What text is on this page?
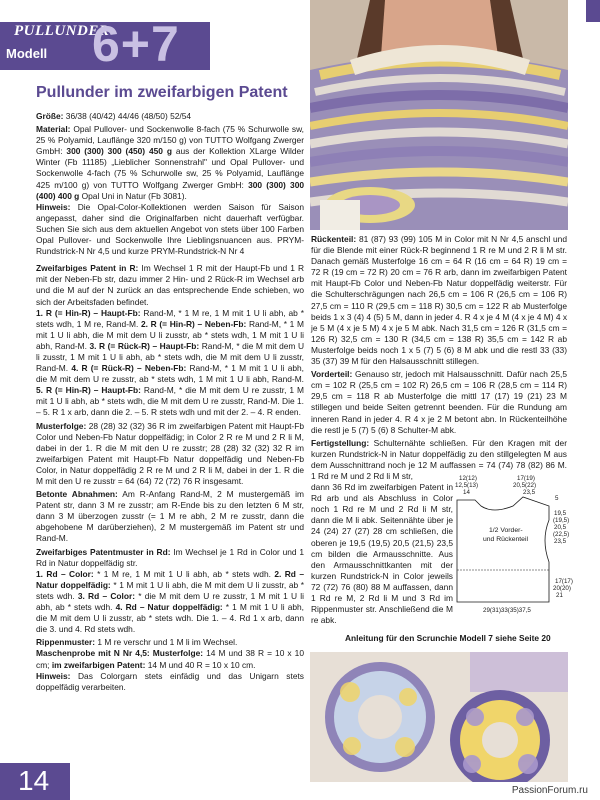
PULLUNDER
Modell 6+7
Pullunder im zweifarbigen Patent

Größe: 36/38 (40/42) 44/46 (48/50) 52/54

Material: Opal Pullover- und Sockenwolle 8-fach (75 % Schurwolle sw, 25 % Polyamid, Lauflänge 320 m/150 g) von TUTTO Wolfgang Zwerger GmbH: 300 (300) 300 (450) 450 g aus der Kollektion XLarge Wilder Winter (Fb 11185) „Lieblicher Sonnenstrahl" und Opal Pullover- und Sockenwolle 4-fach (75 % Schurwolle sw, 25 % Polyamid, Lauflänge 425 m/100 g) von TUTTO Wolfgang Zwerger GmbH: 300 (300) 300 (400) 400 g Opal Uni in Natur (Fb 3081).
Hinweis: Die Opal-Color-Kollektionen werden Saison für Saison angepasst, daher sind die Originalfarben nicht dauerhaft verfügbar. Suchen Sie sich aus dem aktuellen Angebot von stets über 100 Farben Opal Pullover- und Sockenwolle Ihre Lieblingsnuancen aus. PRYM-Rundstrick-N Nr 4,5 und kurze PRYM-Rundstrick-N Nr 4

Zweifarbiges Patent in R: Im Wechsel 1 R mit der Haupt-Fb und 1 R mit der Neben-Fb str, dazu immer 2 Hin- und 2 Rück-R im Wechsel arb und die M auf der N zurück an das entsprechende Ende schieben, wo sich der Arbeitsfaden befindet.
1. R (= Hin-R) – Haupt-Fb: Rand-M, * 1 M re, 1 M mit 1 U li abh, ab * stets wdh, 1 M re, Rand-M. 2. R (= Hin-R) – Neben-Fb: Rand-M, * 1 M mit 1 U li abh, die M mit dem U li zusstr, ab * stets wdh, 1 M mit 1 U li abh, Rand-M. 3. R (= Rück-R) – Haupt-Fb: Rand-M, * die M mit dem U li zusstr, 1 M mit 1 U li abh, ab * stets wdh, die M mit dem U li zusstr, Rand-M. 4. R (= Rück-R) – Neben-Fb: Rand-M, * 1 M mit 1 U li abh, die M mit dem U re zusstr, ab * stets wdh, 1 M mit 1 U li abh, Rand-M. 5. R (= Hin-R) – Haupt-Fb: Rand-M, * die M mit dem U re zusstr, 1 M mit 1 U li abh, ab * stets wdh, die M mit dem U re zusstr, Rand-M. Die 1. – 5. R 1 x arb, dann die 2. – 5. R stets wdh und mit der 2. – 4. R enden.

Musterfolge: 28 (28) 32 (32) 36 R im zweifarbigen Patent mit Haupt-Fb Color und Neben-Fb Natur doppelfädig; in Color 2 R re M und 2 R li M, dabei in der 1. R die M mit den U re zusstr; 28 (28) 32 (32) 32 R im zweifarbigen Patent mit Haupt-Fb Natur doppelfädig und Neben-Fb Color, in Natur doppelfädig 2 R re M und 2 R li M, dabei in der 1. R die M mit den U re zusstr = 64 (64) 72 (72) 76 R insgesamt.

Betonte Abnahmen: Am R-Anfang Rand-M, 2 M mustergemäß im Patent str, dann 3 M re zusstr; am R-Ende bis zu den letzten 6 M str, dann 3 M überzogen zusstr (= 1 M re abh, 2 M re zusstr, dann die abgehobene M darüberziehen), 2 M mustergemäß im Patent str und Rand-M.

Zweifarbiges Patentmuster in Rd: Im Wechsel je 1 Rd in Color und 1 Rd in Natur doppelfädig str.
1. Rd – Color: * 1 M re, 1 M mit 1 U li abh, ab * stets wdh. 2. Rd – Natur doppelfädig: * 1 M mit 1 U li abh, die M mit dem U li zusstr, ab * stets wdh. 3. Rd – Color: * die M mit dem U re zusstr, 1 M mit 1 U li abh, ab * stets wdh. 4. Rd – Natur doppelfädig: * 1 M mit 1 U li abh, die M mit dem U li zusstr, ab * stets wdh. Die 1. – 4. Rd 1 x arb, dann die 3. und 4. Rd stets wdh.

Rippenmuster: 1 M re verschr und 1 M li im Wechsel.
Maschenprobe mit N Nr 4,5: Musterfolge: 14 M und 38 R = 10 x 10 cm; im zweifarbigen Patent: 14 M und 40 R = 10 x 10 cm.
Hinweis: Das Colorgarn stets einfädig und das Unigarn stets doppelfädig verarbeiten.

Rückenteil: 81 (87) 93 (99) 105 M in Color mit N Nr 4,5 anschl und für die Blende mit einer Rück-R beginnend 1 R re M und 2 R li M str. Danach gemäß Musterfolge 16 cm = 64 R (16 cm = 64 R) 19 cm = 72 R (19 cm = 72 R) 20 cm = 76 R arb, dann im zweifarbigen Patent mit Haupt-Fb Color und Neben-Fb Natur doppelfädig weiterstr. Für die Schulterschrägungen nach 26,5 cm = 106 R (26,5 cm = 106 R) 27,5 cm = 110 R (29,5 cm = 118 R) 30,5 cm = 122 R ab Musterfolge beids 1 x 3 (4) 4 (5) 5 M, dann in jeder 4. R 4 x je 4 M (4 x je 4 M) 4 x je 5 M (4 x je 5 M) 4 x je 5 M abk. Nach 31,5 cm = 126 R (31,5 cm = 126 R) 32,5 cm = 130 R (34,5 cm = 138 R) 35,5 cm = 142 R ab Musterfolge beids noch 1 x 5 (7) 5 (6) 8 M abk und die restl 33 (33) 35 (37) 39 M für den Halsausschnitt stillegen.

Vorderteil: Genauso str, jedoch mit Halsausschnitt. Dafür nach 25,5 cm = 102 R (25,5 cm = 102 R) 26,5 cm = 106 R (28,5 cm = 114 R) 29,5 cm = 118 R ab Musterfolge die mittl 17 (17) 19 (21) 23 M stillegen und beide Seiten getrennt beenden. Für die Rundung am inneren Rand in jeder 4. R 4 x je 2 M betont abn. In Rückenteilhöhe die restl je 5 (7) 5 (6) 8 Schulter-M abk.

Fertigstellung: Schulternähte schließen. Für den Kragen mit der kurzen Rundstrick-N in Natur doppelfädig zu den stillgelegten M aus dem Ausschnittrand noch je 12 M auffassen = 74 (74) 78 (82) 86 M. 1 Rd re M und 2 Rd li M str,

dann 36 Rd im zweifarbigen Patent in Rd arb und als Abschluss in Color noch 1 Rd re M und 2 Rd li M str, dann die M li abk. Seitennähte über je 24 (24) 27 (27) 28 cm schließen, die oberen je 19,5 (19,5) 20,5 (21,5) 23,5 cm bilden die Armausschnitte. Aus den Armausschnittkanten mit der kurzen Rundstrick-N in Color jeweils 72 (72) 76 (80) 88 M auffassen, dann 1 Rd re M, 2 Rd li M und 3 Rd im Rippenmuster str. Anschließend die M re abk.

12(12)
12,5(13)
14
17(19)
20,5(22)
23,5
5
19,5
(19,5)
20,5
(22,5)
23,5
1/2 Vorder-
und Rückenteil
17(17)
20(20)
21
29(31)33(35)37,5
Anleitung für den Scrunchie Modell 7 siehe Seite 20
14	PassionForum.ru
